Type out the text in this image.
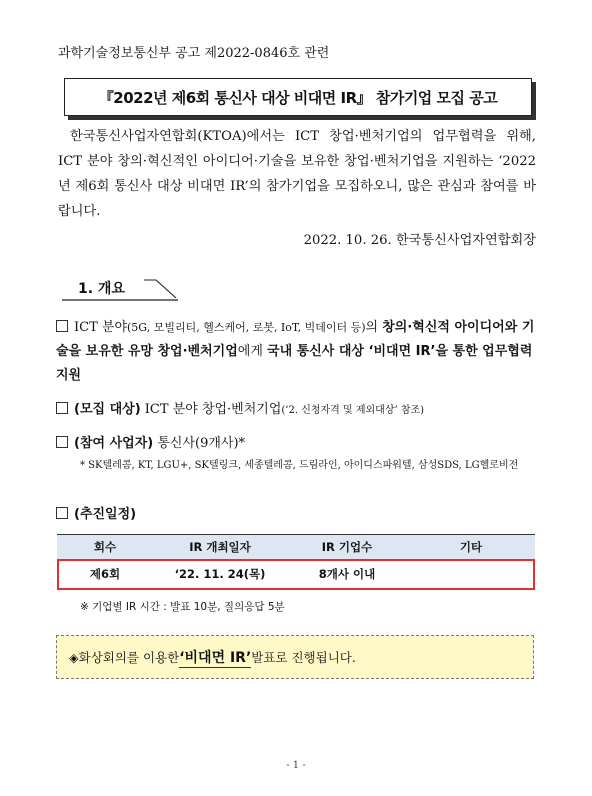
과학기술정보통신부 공고 제2022-0846호 관련
『2022년 제6회 통신사 대상 비대면 IR』 참가기업 모집 공고
한국통신사업자연합회(KTOA)에서는 ICT 창업·벤처기업의 업무협력을 위해, ICT 분야 창의·혁신적인 아이디어·기술을 보유한 창업·벤처기업을 지원하는 ‘2022년 제6회 통신사 대상 비대면 IR’의 참가기업을 모집하오니, 많은 관심과 참여를 바랍니다.
2022. 10. 26. 한국통신사업자연합회장
1. 개요
ICT 분야(5G, 모빌리티, 헬스케어, 로봇, IoT, 빅데이터 등)의 창의·혁신적 아이디어와 기술을 보유한 유망 창업·벤처기업에게 국내 통신사 대상 ‘비대면 IR’을 통한 업무협력 지원
(모집 대상) ICT 분야 창업·벤처기업(‘2. 신청자격 및 제외대상’ 참조)
(참여 사업자) 통신사(9개사)*
* SK텔레콤, KT, LGU+, SK텔링크, 세종텔레콤, 드림라인, 아이디스파워텔, 삼성SDS, LG헬로비전
(추진일정)
회수	IR 개최일자	IR 기업수	기타
제6회	‘22. 11. 24(목)	8개사 이내	
※ 기업별 IR 시간 : 발표 10분, 질의응답 5분
◈ 화상회의를 이용한 ‘비대면 IR’ 발표로 진행됩니다.
- 1 -
